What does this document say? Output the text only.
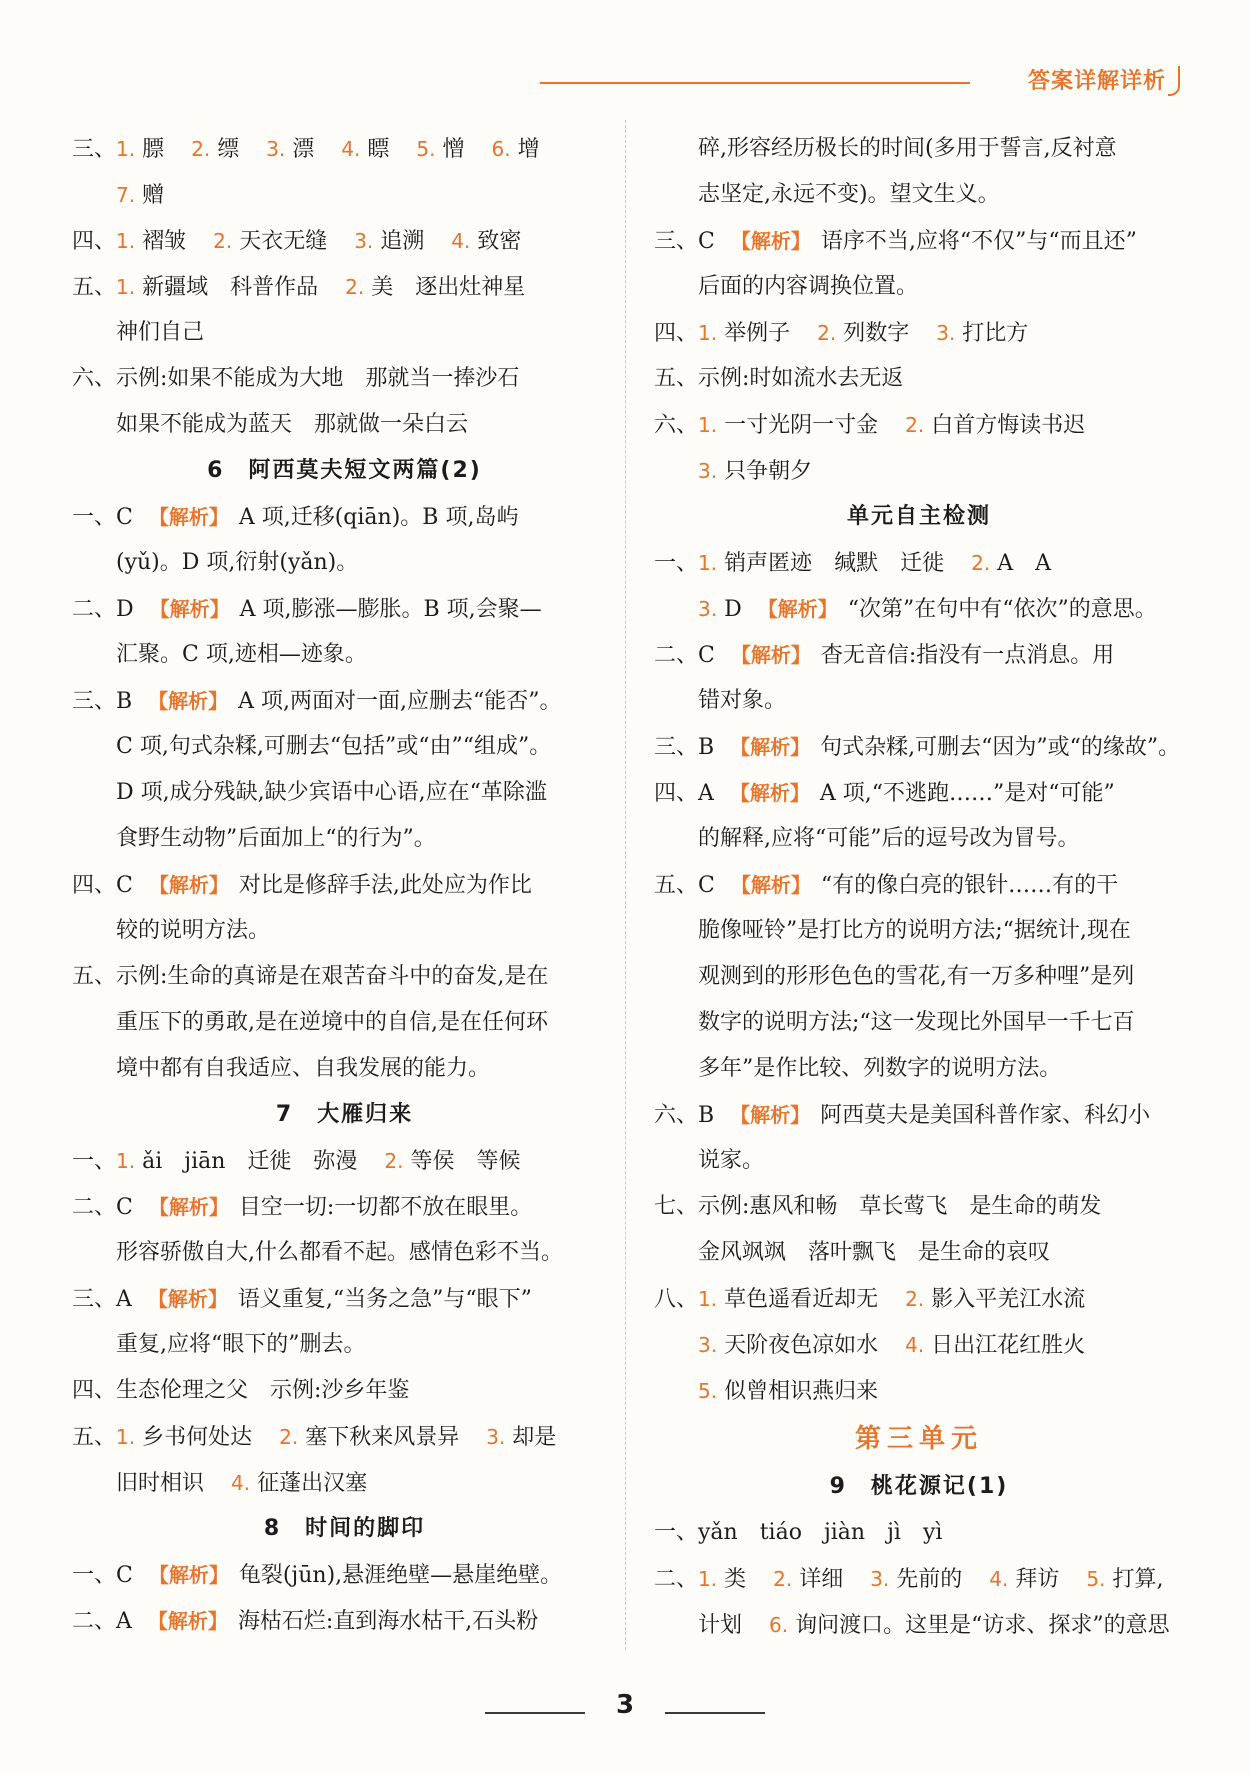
答案详解详析
三、1. 膘 2. 缥 3. 漂 4. 瞟 5. 憎 6. 增
7. 赠
四、1. 褶皱 2. 天衣无缝 3. 追溯 4. 致密
五、1. 新疆域　科普作品 2. 美　逐出灶神星
神们自己
六、示例:如果不能成为大地　那就当一捧沙石
如果不能成为蓝天　那就做一朵白云
6　阿西莫夫短文两篇(2)
一、C 【解析】 A 项,迁移(qiān)。B 项,岛屿
(yǔ)。D 项,衍射(yǎn)。
二、D 【解析】 A 项,膨涨—膨胀。B 项,会聚—
汇聚。C 项,迹相—迹象。
三、B 【解析】 A 项,两面对一面,应删去“能否”。
C 项,句式杂糅,可删去“包括”或“由”“组成”。
D 项,成分残缺,缺少宾语中心语,应在“革除滥
食野生动物”后面加上“的行为”。
四、C 【解析】 对比是修辞手法,此处应为作比
较的说明方法。
五、示例:生命的真谛是在艰苦奋斗中的奋发,是在
重压下的勇敢,是在逆境中的自信,是在任何环
境中都有自我适应、自我发展的能力。
7　大雁归来
一、1. ǎi　jiān　迁徙　弥漫 2. 等侯　等候
二、C 【解析】 目空一切:一切都不放在眼里。
形容骄傲自大,什么都看不起。感情色彩不当。
三、A 【解析】 语义重复,“当务之急”与“眼下”
重复,应将“眼下的”删去。
四、生态伦理之父　示例:沙乡年鉴
五、1. 乡书何处达 2. 塞下秋来风景异 3. 却是
旧时相识 4. 征蓬出汉塞
8　时间的脚印
一、C 【解析】 龟裂(jūn),悬涯绝壁—悬崖绝壁。
二、A 【解析】 海枯石烂:直到海水枯干,石头粉
碎,形容经历极长的时间(多用于誓言,反衬意
志坚定,永远不变)。望文生义。
三、C 【解析】 语序不当,应将“不仅”与“而且还”
后面的内容调换位置。
四、1. 举例子 2. 列数字 3. 打比方
五、示例:时如流水去无返
六、1. 一寸光阴一寸金 2. 白首方悔读书迟
3. 只争朝夕
单元自主检测
一、1. 销声匿迹　缄默　迁徙 2. A　A
3. D 【解析】 “次第”在句中有“依次”的意思。
二、C 【解析】 杳无音信:指没有一点消息。用
错对象。
三、B 【解析】 句式杂糅,可删去“因为”或“的缘故”。
四、A 【解析】 A 项,“不逃跑……”是对“可能”
的解释,应将“可能”后的逗号改为冒号。
五、C 【解析】 “有的像白亮的银针……有的干
脆像哑铃”是打比方的说明方法;“据统计,现在
观测到的形形色色的雪花,有一万多种哩”是列
数字的说明方法;“这一发现比外国早一千七百
多年”是作比较、列数字的说明方法。
六、B 【解析】 阿西莫夫是美国科普作家、科幻小
说家。
七、示例:惠风和畅　草长莺飞　是生命的萌发
金风飒飒　落叶飘飞　是生命的哀叹
八、1. 草色遥看近却无 2. 影入平羌江水流
3. 天阶夜色凉如水 4. 日出江花红胜火
5. 似曾相识燕归来
第三单元
9　桃花源记(1)
一、yǎn　tiáo　jiàn　jì　yì
二、1. 类 2. 详细 3. 先前的 4. 拜访 5. 打算,
计划 6. 询问渡口。这里是“访求、探求”的意思
3
